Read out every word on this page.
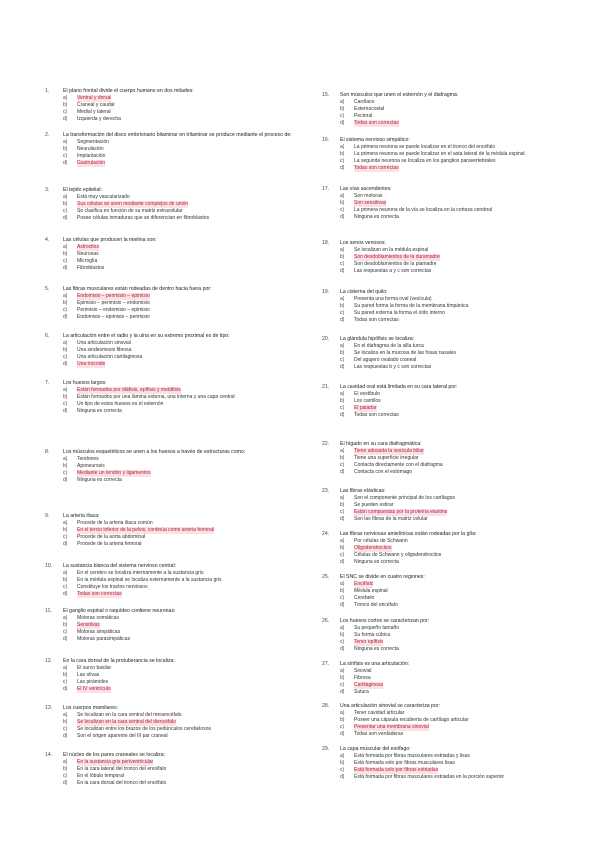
1.	El plano frontal divide el cuerpo humano en dos mitades:
a)	Ventral y dorsal
b)	Craneal y caudal
c)	Medial y lateral
d)	Izquierda y derecha
2.	La transformación del disco embrionario bilaminar en trilaminar se produce mediante el proceso de:
a)	Segmentación
b)	Neurulación
c)	Implantación
d)	Gastrulación
3.	El tejido epitelial:
a)	Está muy vascularizado
b)	Sus células se unen mediante complejos de unión
c)	Se clasifica en función de su matriz extracelular
d)	Posee células inmaduras que se diferencian en fibroblastos
4.	Las células que producen la mielina son:
a)	Astrocitos
b)	Neuronas
c)	Microglía
d)	Fibroblastos
5.	Las fibras musculares están rodeadas de dentro hacia fuera por:
a)	Endomisio – perimisio – epimisio
b)	Epimisio – perimisio – endomisio
c)	Perimisio – endomisio – epimisio
d)	Endomisio – epimisio – perimisio
6.	La articulación entre el radio y la ulna en su extremo proximal es de tipo:
a)	Una articulación sinovial
b)	Una sindesmosis fibrosa
c)	Una articulación cartilaginosa
d)	Una trocoide
7.	Los huesos largos:
a)	Están formados por diáfisis, epífisis y metáfisis
b)	Están formados por una lámina externa, una interna y una capa central
c)	Un tipo de estos huesos es el esternón
d)	Ninguna es correcta
8.	Los músculos esqueléticos se unen a los huesos a través de estructuras como:
a)	Tendones
b)	Aponeurosis
c)	Mediante un tendón y ligamentos
d)	Ninguna es correcta
9.	La arteria iliaca:
a)	Procede de la arteria iliaca común
b)	En el tercio inferior de la pelvis, continúa como arteria femoral
c)	Procede de la aorta abdominal
d)	Procede de la arteria femoral
10.	La sustancia blanca del sistema nervioso central:
a)	En el cerebro se localiza internamente a la sustancia gris
b)	En la médula espinal se localiza externamente a la sustancia gris
c)	Constituye los tractos nerviosos
d)	Todas son correctas
11.	El ganglio espinal o raquídeo contiene neuronas:
a)	Motoras somáticas
b)	Sensitivas
c)	Motoras simpáticas
d)	Motoras parasimpáticas
12.	En la cara dorsal de la protuberancia se localiza:
a)	El surco basilar
b)	Las olivas
c)	Las pirámides
d)	El IV ventrículo
13.	Los cuerpos mamilares:
a)	Se localizan en la cara ventral del mesencéfalo
b)	Se localizan en la cara ventral del diencéfalo
c)	Se localizan entre los brazos de los pedúnculos cerebelosos
d)	Son el origen aparente del III par craneal
14.	El núcleo de los pares craneales se localiza:
a)	En la sustancia gris periventricular
b)	En la cara lateral del tronco del encéfalo
c)	En el lóbulo temporal
d)	En la cara dorsal del tronco del encéfalo
15.	Son músculos que unen el esternón y el diafragma:
a)	Cardíaco
b)	Esternocostal
c)	Pectoral
d)	Todas son correctas
16.	El sistema nervioso simpático:
a)	La primera neurona se puede localizar en el tronco del encéfalo
b)	La primera neurona se puede localizar en el asta lateral de la médula espinal
c)	La segunda neurona se localiza en los ganglios paravertebrales
d)	Todas son correctas
17.	Las vías ascendentes:
a)	Son motoras
b)	Son sensitivas
c)	La primera neurona de la vía se localiza en la corteza cerebral
d)	Ninguna es correcta
18.	Los senos venosos:
a)	Se localizan en la médula espinal
b)	Son desdoblamientos de la duramadre
c)	Son desdoblamientos de la piamadre
d)	Las respuestas a y c son correctas
19.	La cisterna del quilo:
a)	Presenta una forma oval (vesícula)
b)	Su pared forma la forma de la membrana timpánica
c)	Su pared externa la forma el oído interno
d)	Todas son correctas
20.	La glándula hipófisis se localiza:
a)	En el diafragma de la silla turca
b)	Se localiza en la mucosa de las fosas nasales
c)	Del agujero ovalado craneal
d)	Las respuestas b y c son correctas
21.	La cavidad oral está limitada en su cara lateral por:
a)	El vestíbulo
b)	Los carrillos
c)	El paladar
d)	Todas son correctas
22.	El hígado en su cara diafragmática:
a)	Tiene adosada la vesícula biliar
b)	Tiene una superficie irregular
c)	Contacta directamente con el diafragma
d)	Contacta con el estómago
23.	Las fibras elásticas:
a)	Son el componente principal de los cartílagos
b)	Se pueden estirar
c)	Están compuestas por la proteína elastina
d)	Son las fibras de la matriz celular
24.	Las fibras nerviosas amielínicas están rodeadas por la glía:
a)	Por células de Schwann
b)	Oligodendrocitos
c)	Células de Schwann y oligodendrocitos
d)	Ninguna es correcta
25.	El SNC se divide en cuatro regiones:
a)	Encéfalo
b)	Médula espinal
c)	Cerebelo
d)	Tronco del encéfalo
26.	Los huesos cortos se caracterizan por:
a)	Su pequeño tamaño
b)	Su forma cúbica
c)	Tener epífisis
d)	Ninguna es correcta
27.	La sínfisis es una articulación:
a)	Sinovial
b)	Fibrosa
c)	Cartilaginosa
d)	Sutura
28.	Una articulación sinovial se caracteriza por:
a)	Tener cavidad articular
b)	Poseer una cápsula recubierta de cartílago articular
c)	Presentar una membrana sinovial
d)	Todas son verdaderas
29.	La capa muscular del esófago:
a)	Está formada por fibras musculares estriadas y lisas
b)	Está formada solo por fibras musculares lisas
c)	Está formada solo por fibras estriadas
d)	Está formada por fibras musculares estriadas en la porción superior
